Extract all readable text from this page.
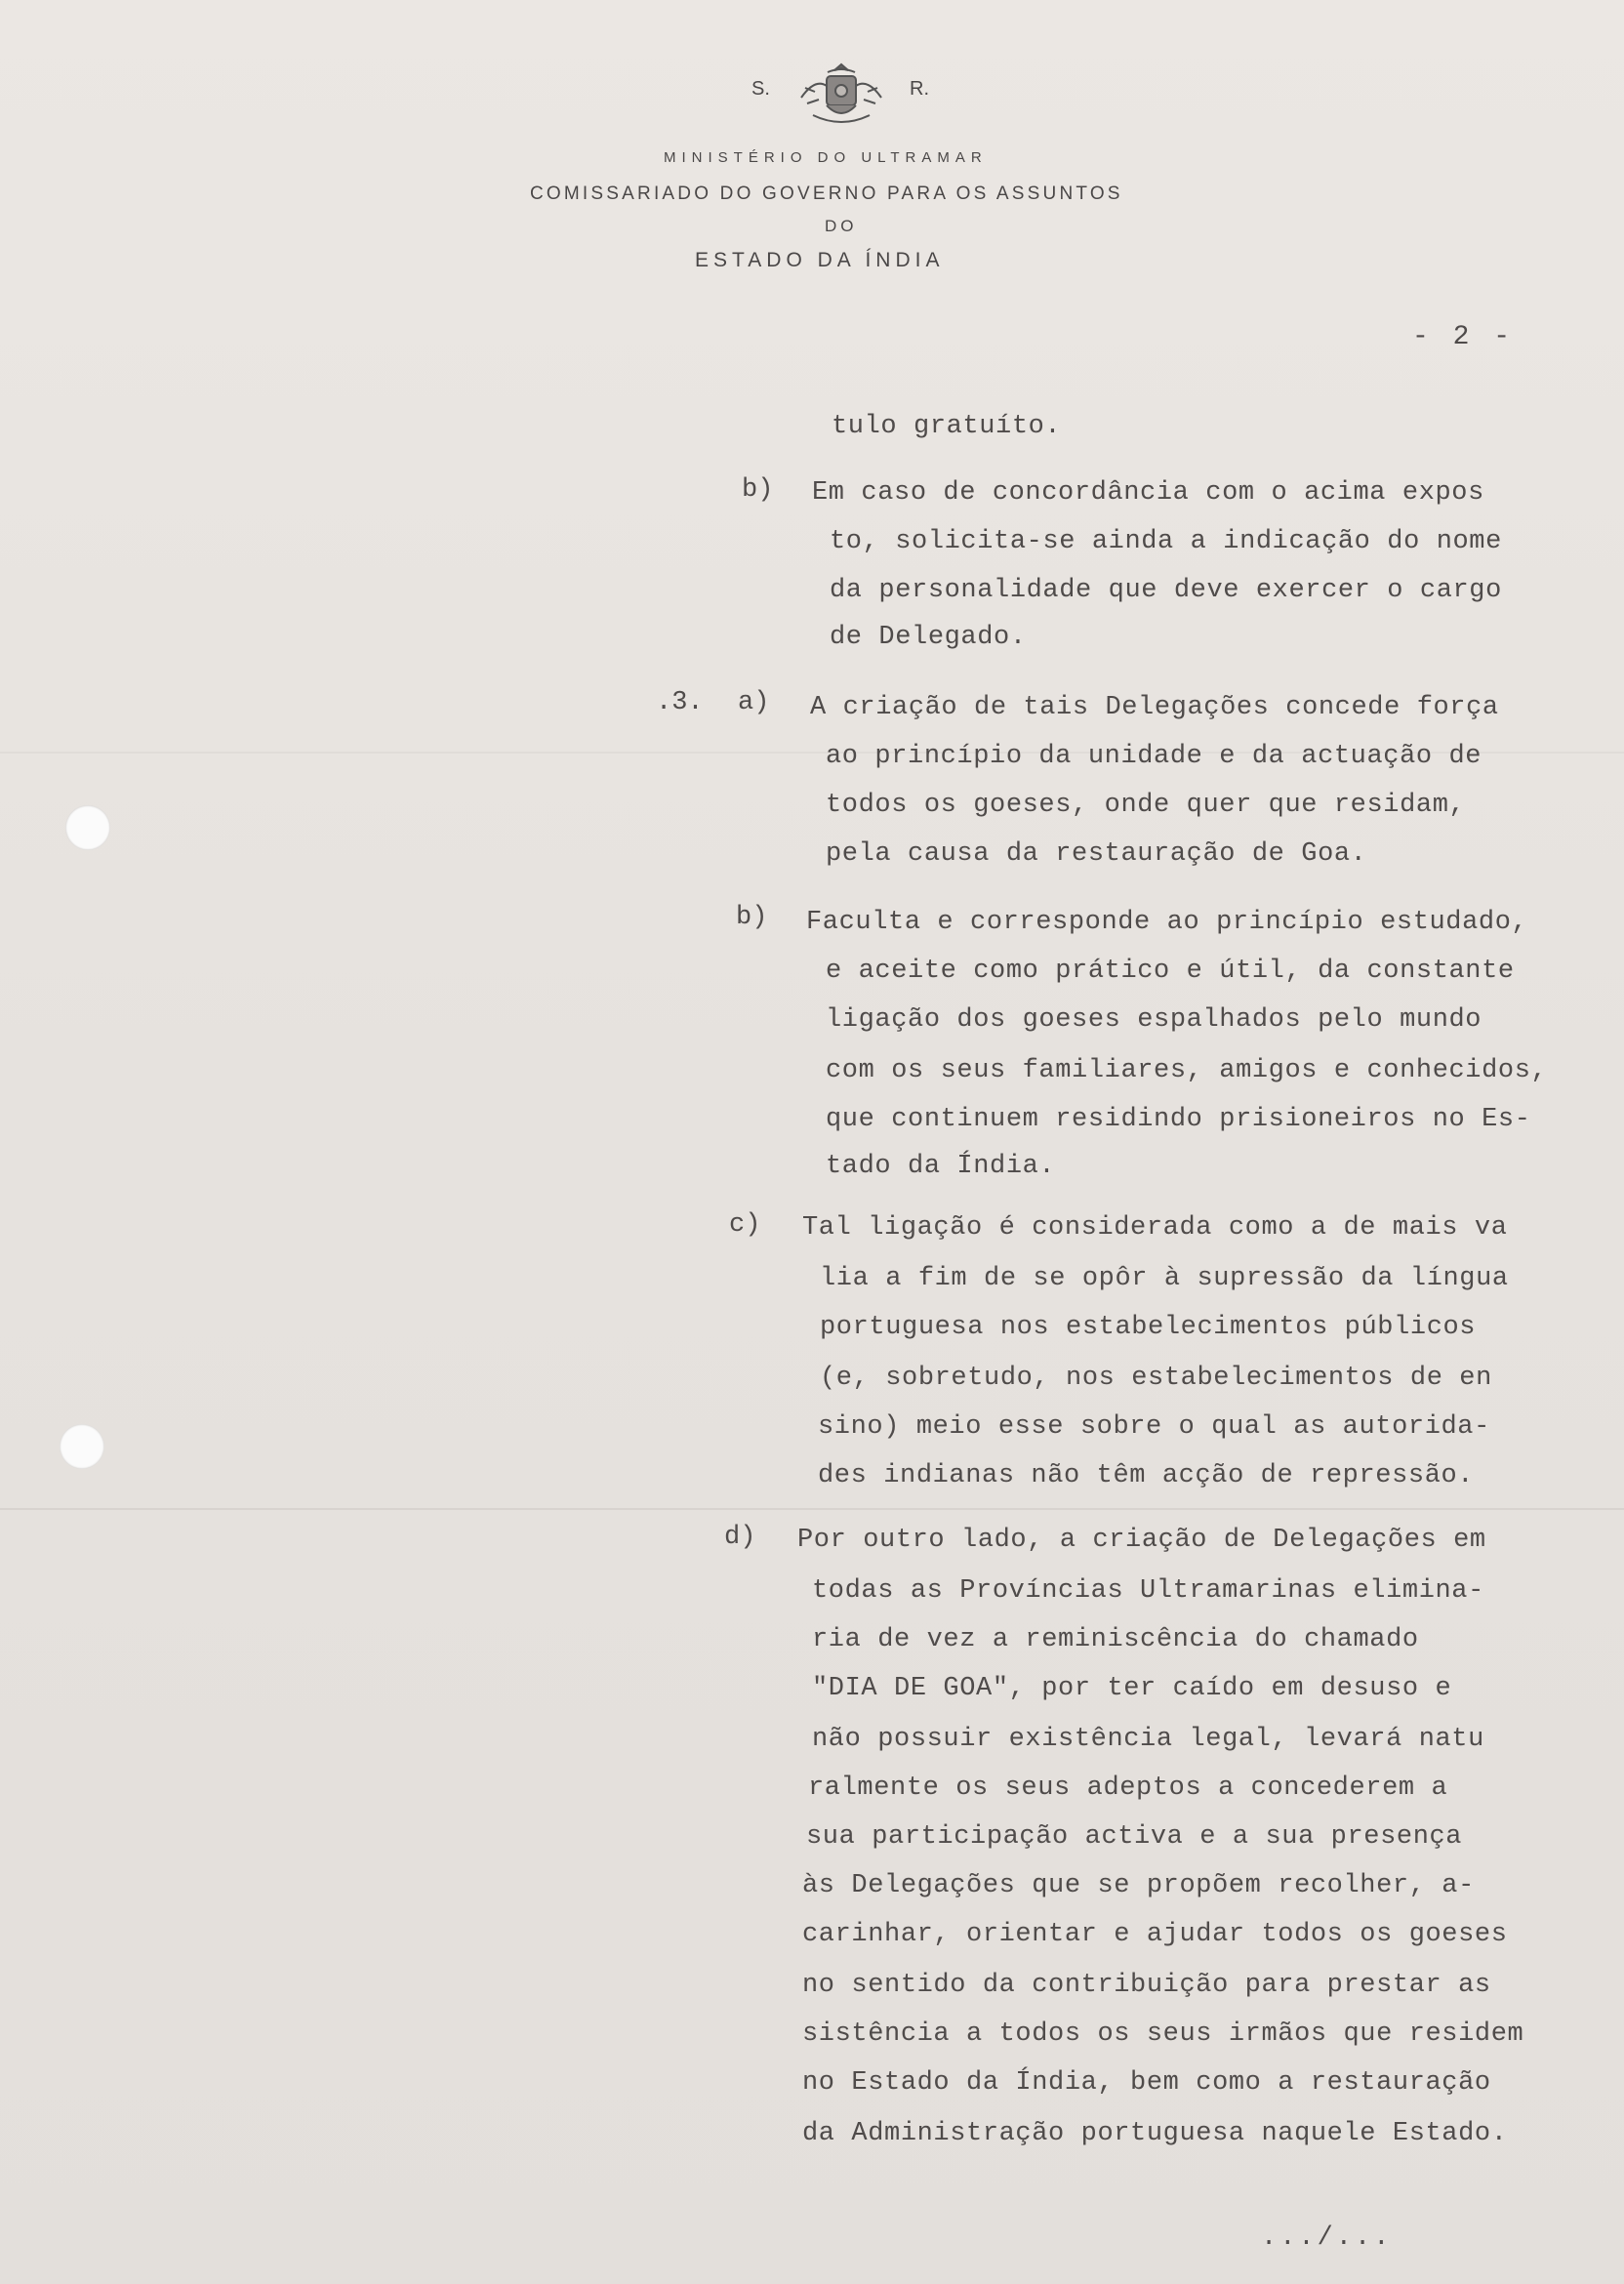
S.	R.
MINISTÉRIO DO ULTRAMAR
COMISSARIADO DO GOVERNO PARA OS ASSUNTOS
DO
ESTADO DA ÍNDIA
- 2 -
b)
.3. a)
b)
c)
d)
tulo gratuíto.
Em caso de concordância com o acima expos
to, solicita-se ainda a indicação do nome
da personalidade que deve exercer o cargo
de Delegado.
A criação de tais Delegações concede força
ao princípio da unidade e da actuação de
todos os goeses, onde quer que residam,
pela causa da restauração de Goa.
Faculta e corresponde ao princípio estudado,
e aceite como prático e útil, da constante
ligação dos goeses espalhados pelo mundo
com os seus familiares, amigos e conhecidos,
que continuem residindo prisioneiros no Es-
tado da Índia.
Tal ligação é considerada como a de mais va
lia a fim de se opôr à supressão da língua
portuguesa nos estabelecimentos públicos
(e, sobretudo, nos estabelecimentos de en
sino) meio esse sobre o qual as autorida-
des indianas não têm acção de repressão.
Por outro lado, a criação de Delegações em
todas as Províncias Ultramarinas elimina-
ria de vez a reminiscência do chamado
"DIA DE GOA", por ter caído em desuso e
não possuir existência legal, levará natu
ralmente os seus adeptos a concederem a
sua participação activa e a sua presença
às Delegações que se propõem recolher, a-
carinhar, orientar e ajudar todos os goeses
no sentido da contribuição para prestar as
sistência a todos os seus irmãos que residem
no Estado da Índia, bem como a restauração
da Administração portuguesa naquele Estado.
.../...
